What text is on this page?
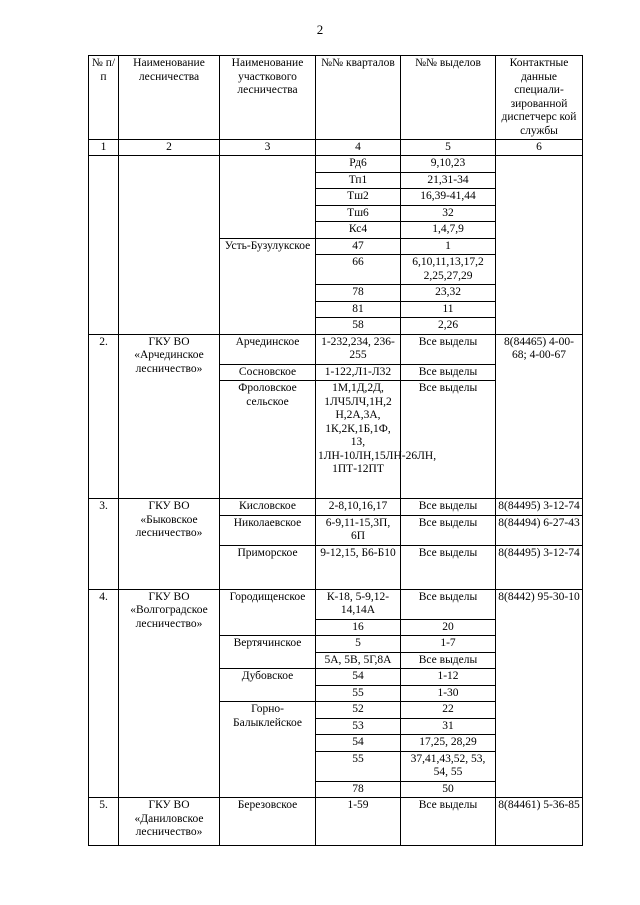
2
№ п/п	Наименование лесничества	Наименование участкового лесничества	№№ кварталов	№№ выделов	Контактные данные специали-зированной диспетчерс кой службы
1	2	3	4	5	6
			Рд6	9,10,23	
			Тп1	21,31-34	
			Тш2	16,39-41,44	
			Тш6	32	
			Кс4	1,4,7,9	
		Усть-Бузулукское	47	1	
			66	6,10,11,13,17,2 2,25,27,29	
			78	23,32	
			81	11	
			58	2,26	
2.	ГКУ ВО «Арчединское лесничество»	Арчединское	1-232,234, 236-255	Все выделы	8(84465) 4-00-68; 4-00-67
		Сосновское	1-122,Л1-Л32	Все выделы	
		Фроловское сельское	1М,1Д,2Д, 1ЛЧ5ЛЧ,1Н,2 Н,2А,3А, 1К,2К,1Б,1Ф, 1З, 1ЛН-10ЛН,15ЛН-26ЛН, 1ПТ-12ПТ	Все выделы	
3.	ГКУ ВО «Быковское лесничество»	Кисловское	2-8,10,16,17	Все выделы	8(84495) 3-12-74
		Николаевское	6-9,11-15,3П, 6П	Все выделы	8(84494) 6-27-43
		Приморское	9-12,15, Б6-Б10	Все выделы	8(84495) 3-12-74
4.	ГКУ ВО «Волгоградское лесничество»	Городищенское	К-18, 5-9,12-14,14А	Все выделы	8(8442) 95-30-10
			16	20	
		Вертячинское	5	1-7	
			5А, 5В, 5Г,8А	Все выделы	
		Дубовское	54	1-12	
			55	1-30	
		Горно-Балыклейское	52	22	
			53	31	
			54	17,25, 28,29	
			55	37,41,43,52, 53, 54, 55	
			78	50	
5.	ГКУ ВО «Даниловское лесничество»	Березовское	1-59	Все выделы	8(84461) 5-36-85
